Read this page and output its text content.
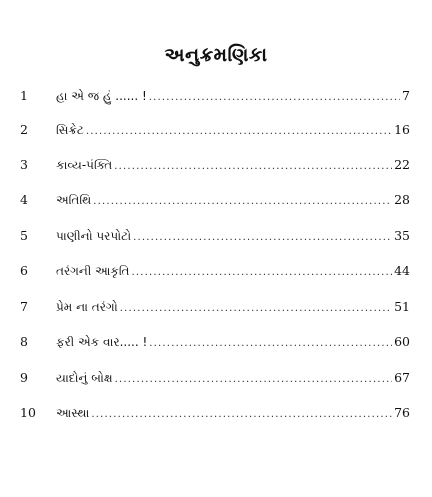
અનુક્રમણિકા
1	હા એ જ હું ...... ! .....	7
2	સિક્રેટ .....	16
3	કાવ્ય-પંક્તિ .....	22
4	અતિથિ .....	28
5	પાણીનો પરપોટો .....	35
6	તરંગની આકૃતિ .....	44
7	પ્રેમ ના તરંગો .....	51
8	ફરી એક વાર..... ! .....	60
9	યાદોનું બોક્ષ .....	67
10	આસ્થા .....	76
